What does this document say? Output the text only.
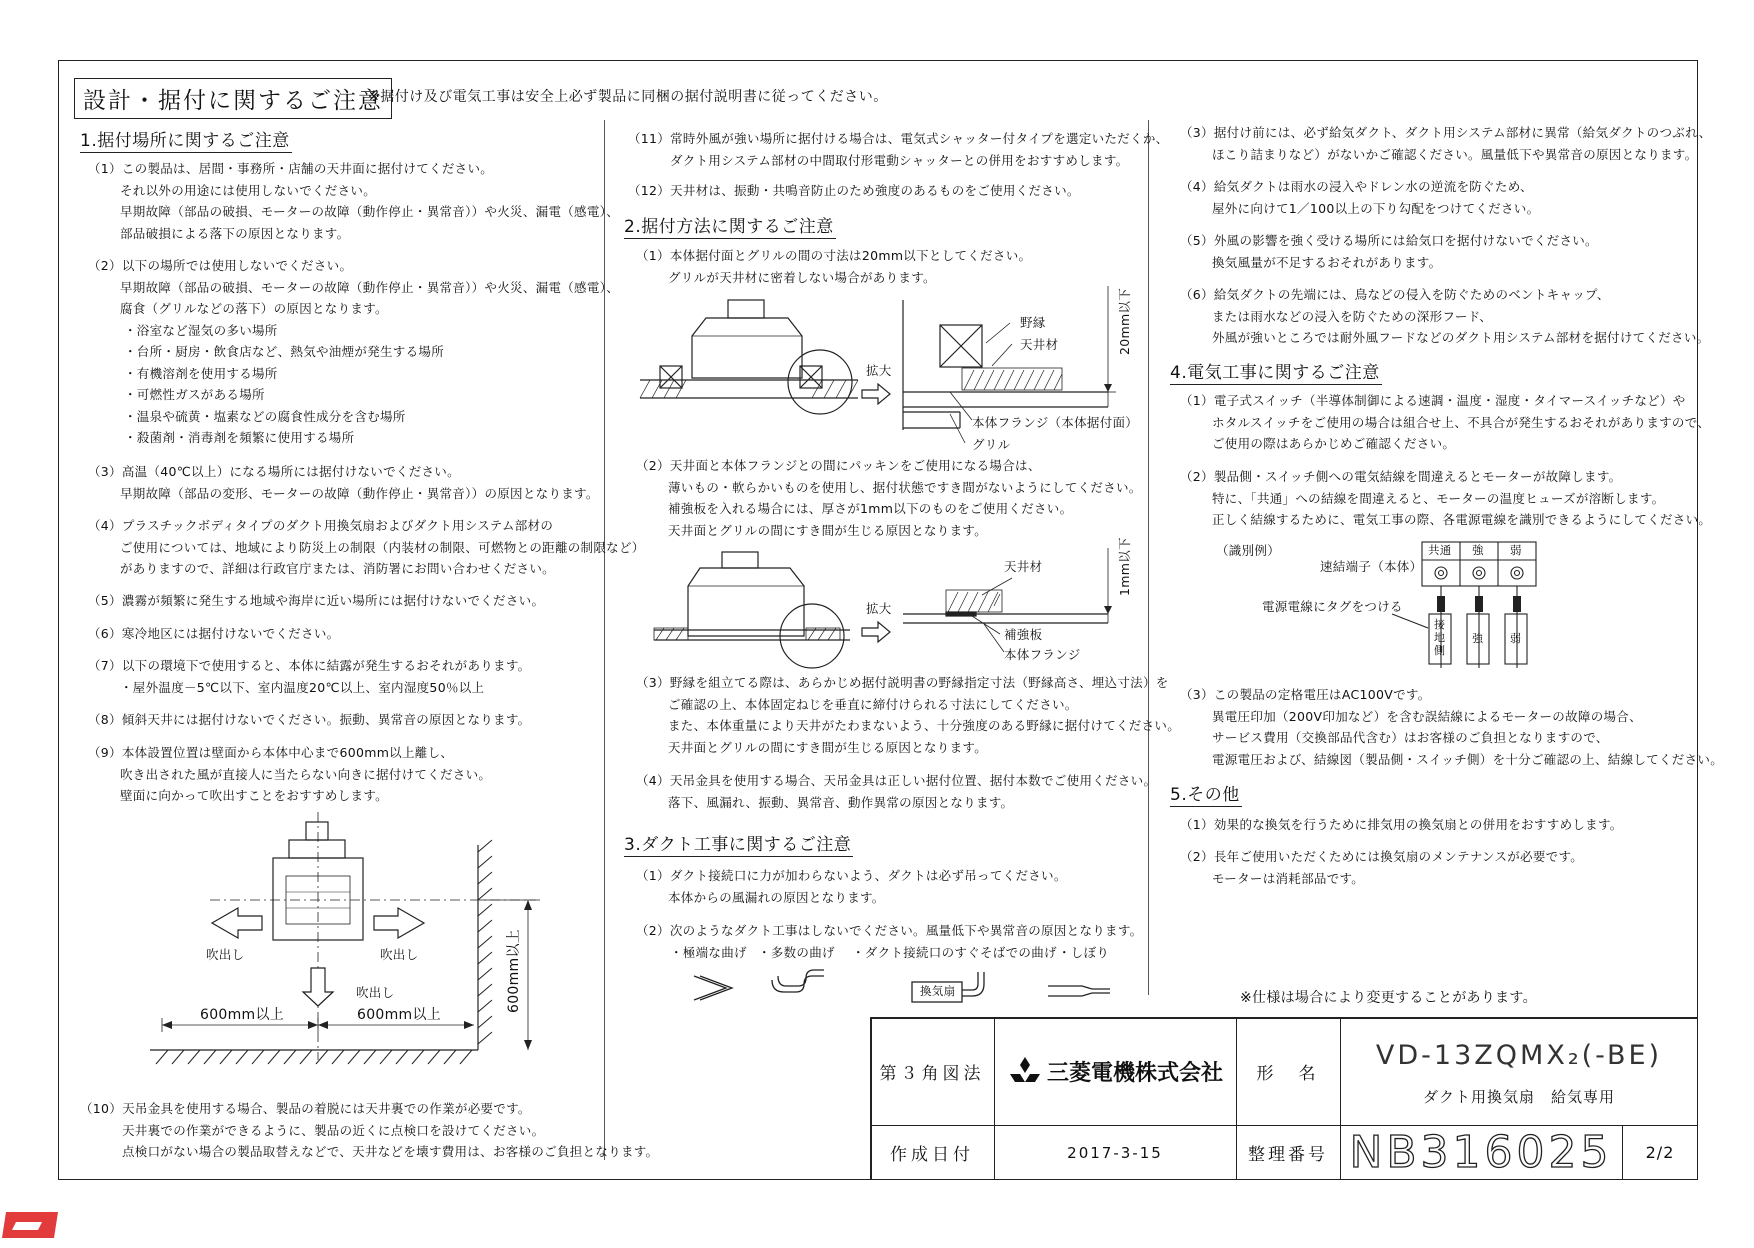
設計・据付に関するご注意
※据付け及び電気工事は安全上必ず製品に同梱の据付説明書に従ってください。
1.据付場所に関するご注意
（1）この製品は、居間・事務所・店舗の天井面に据付けてください。
それ以外の用途には使用しないでください。
早期故障（部品の破損、モーターの故障（動作停止・異常音））や火災、漏電（感電）、
部品破損による落下の原因となります。
（2）以下の場所では使用しないでください。
早期故障（部品の破損、モーターの故障（動作停止・異常音））や火災、漏電（感電）、
腐食（グリルなどの落下）の原因となります。
・浴室など湿気の多い場所
・台所・厨房・飲食店など、熱気や油煙が発生する場所
・有機溶剤を使用する場所
・可燃性ガスがある場所
・温泉や硫黄・塩素などの腐食性成分を含む場所
・殺菌剤・消毒剤を頻繁に使用する場所
（3）高温（40℃以上）になる場所には据付けないでください。
早期故障（部品の変形、モーターの故障（動作停止・異常音））の原因となります。
（4）プラスチックボディタイプのダクト用換気扇およびダクト用システム部材の
ご使用については、地域により防災上の制限（内装材の制限、可燃物との距離の制限など）
がありますので、詳細は行政官庁または、消防署にお問い合わせください。
（5）濃霧が頻繁に発生する地域や海岸に近い場所には据付けないでください。
（6）寒冷地区には据付けないでください。
（7）以下の環境下で使用すると、本体に結露が発生するおそれがあります。
・屋外温度－5℃以下、室内温度20℃以上、室内湿度50％以上
（8）傾斜天井には据付けないでください。振動、異常音の原因となります。
（9）本体設置位置は壁面から本体中心まで600mm以上離し、
吹き出された風が直接人に当たらない向きに据付けてください。
壁面に向かって吹出すことをおすすめします。
吹出し	吹出し
吹出し
600mm以上	600mm以上
600mm以上
（10）天吊金具を使用する場合、製品の着脱には天井裏での作業が必要です。
天井裏での作業ができるように、製品の近くに点検口を設けてください。
点検口がない場合の製品取替えなどで、天井などを壊す費用は、お客様のご負担となります。
（11）常時外風が強い場所に据付ける場合は、電気式シャッター付タイプを選定いただくか、
ダクト用システム部材の中間取付形電動シャッターとの併用をおすすめします。
（12）天井材は、振動・共鳴音防止のため強度のあるものをご使用ください。
2.据付方法に関するご注意
（1）本体据付面とグリルの間の寸法は20mm以下としてください。
グリルが天井材に密着しない場合があります。
拡大
野縁
天井材	20mm以下
本体フランジ（本体据付面）
グリル
（2）天井面と本体フランジとの間にパッキンをご使用になる場合は、
薄いもの・軟らかいものを使用し、据付状態ですき間がないようにしてください。
補強板を入れる場合には、厚さが1mm以下のものをご使用ください。
天井面とグリルの間にすき間が生じる原因となります。
拡大
天井材	1mm以下
補強板
本体フランジ
（3）野縁を組立てる際は、あらかじめ据付説明書の野縁指定寸法（野縁高さ、埋込寸法）を
ご確認の上、本体固定ねじを垂直に締付けられる寸法にしてください。
また、本体重量により天井がたわまないよう、十分強度のある野縁に据付けてください。
天井面とグリルの間にすき間が生じる原因となります。
（4）天吊金具を使用する場合、天吊金具は正しい据付位置、据付本数でご使用ください。
落下、風漏れ、振動、異常音、動作異常の原因となります。
3.ダクト工事に関するご注意
（1）ダクト接続口に力が加わらないよう、ダクトは必ず吊ってください。
本体からの風漏れの原因となります。
（2）次のようなダクト工事はしないでください。風量低下や異常音の原因となります。
・極端な曲げ ・多数の曲げ ・ダクト接続口のすぐそばでの曲げ ・しぼり
換気扇
（3）据付け前には、必ず給気ダクト、ダクト用システム部材に異常（給気ダクトのつぶれ、
ほこり詰まりなど）がないかご確認ください。風量低下や異常音の原因となります。
（4）給気ダクトは雨水の浸入やドレン水の逆流を防ぐため、
屋外に向けて1／100以上の下り勾配をつけてください。
（5）外風の影響を強く受ける場所には給気口を据付けないでください。
換気風量が不足するおそれがあります。
（6）給気ダクトの先端には、鳥などの侵入を防ぐためのベントキャップ、
または雨水などの浸入を防ぐための深形フード、
外風が強いところでは耐外風フードなどのダクト用システム部材を据付けてください。
4.電気工事に関するご注意
（1）電子式スイッチ（半導体制御による速調・温度・湿度・タイマースイッチなど）や
ホタルスイッチをご使用の場合は組合せ上、不具合が発生するおそれがありますので、
ご使用の際はあらかじめご確認ください。
（2）製品側・スイッチ側への電気結線を間違えるとモーターが故障します。
特に、「共通」への結線を間違えると、モーターの温度ヒューズが溶断します。
正しく結線するために、電気工事の際、各電源電線を識別できるようにしてください。
（識別例）
速結端子（本体）
共通 強 弱
電源電線にタグをつける
接地側
強 弱
（3）この製品の定格電圧はAC100Vです。
異電圧印加（200V印加など）を含む誤結線によるモーターの故障の場合、
サービス費用（交換部品代含む）はお客様のご負担となりますので、
電源電圧および、結線図（製品側・スイッチ側）を十分ご確認の上、結線してください。
5.その他
（1）効果的な換気を行うために排気用の換気扇との併用をおすすめします。
（2）長年ご使用いただくためには換気扇のメンテナンスが必要です。
モーターは消耗部品です。
※仕様は場合により変更することがあります。
第３角図法	三菱電機株式会社	形　名
VD-13ZQMX₂(-BE)
ダクト用換気扇　給気専用
作成日付	2017-3-15	整理番号 NB316025	2/2
